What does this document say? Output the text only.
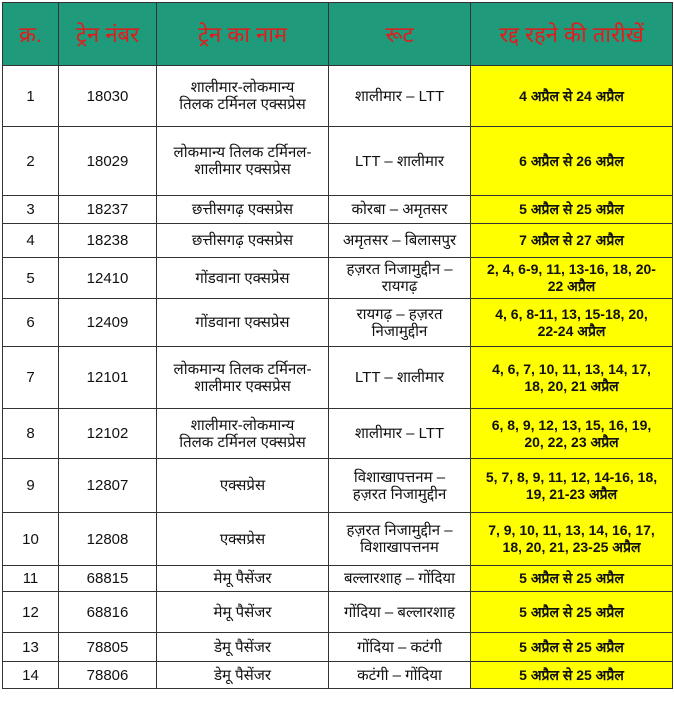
क्र.	ट्रेन नंबर	ट्रेन का नाम	रूट	रद्द रहने की तारीखें
1	18030	शालीमार-लोकमान्य
तिलक टर्मिनल एक्सप्रेस	शालीमार – LTT	4 अप्रैल से 24 अप्रैल
2	18029	लोकमान्य तिलक टर्मिनल-
शालीमार एक्सप्रेस	LTT – शालीमार	6 अप्रैल से 26 अप्रैल
3	18237	छत्तीसगढ़ एक्सप्रेस	कोरबा – अमृतसर	5 अप्रैल से 25 अप्रैल
4	18238	छत्तीसगढ़ एक्सप्रेस	अमृतसर – बिलासपुर	7 अप्रैल से 27 अप्रैल
5	12410	गोंडवाना एक्सप्रेस	हज़रत निजामुद्दीन –
रायगढ़	2, 4, 6-9, 11, 13-16, 18, 20-
22 अप्रैल
6	12409	गोंडवाना एक्सप्रेस	रायगढ़ – हज़रत
निजामुद्दीन	4, 6, 8-11, 13, 15-18, 20,
22-24 अप्रैल
7	12101	लोकमान्य तिलक टर्मिनल-
शालीमार एक्सप्रेस	LTT – शालीमार	4, 6, 7, 10, 11, 13, 14, 17,
18, 20, 21 अप्रैल
8	12102	शालीमार-लोकमान्य
तिलक टर्मिनल एक्सप्रेस	शालीमार – LTT	6, 8, 9, 12, 13, 15, 16, 19,
20, 22, 23 अप्रैल
9	12807	एक्सप्रेस	विशाखापत्तनम –
हज़रत निजामुद्दीन	5, 7, 8, 9, 11, 12, 14-16, 18,
19, 21-23 अप्रैल
10	12808	एक्सप्रेस	हज़रत निजामुद्दीन –
विशाखापत्तनम	7, 9, 10, 11, 13, 14, 16, 17,
18, 20, 21, 23-25 अप्रैल
11	68815	मेमू पैसेंजर	बल्लारशाह – गोंदिया	5 अप्रैल से 25 अप्रैल
12	68816	मेमू पैसेंजर	गोंदिया – बल्लारशाह	5 अप्रैल से 25 अप्रैल
13	78805	डेमू पैसेंजर	गोंदिया – कटंगी	5 अप्रैल से 25 अप्रैल
14	78806	डेमू पैसेंजर	कटंगी – गोंदिया	5 अप्रैल से 25 अप्रैल
